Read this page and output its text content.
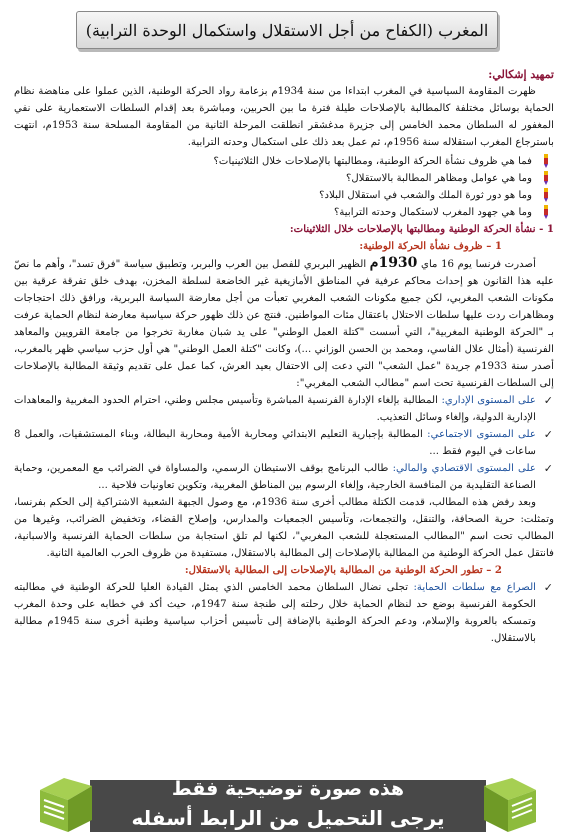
المغرب (الكفاح من أجل الاستقلال واستكمال الوحدة الترابية)

تمهيد إشكالي:

ظهرت المقاومة السياسية في المغرب ابتداءا من سنة 1934م بزعامة رواد الحركة الوطنية، الذين عملوا على مناهضة نظام الحماية بوسائل مختلفة كالمطالبة بالإصلاحات طيلة فترة ما بين الحربين، ومباشرة بعد إقدام السلطات الاستعمارية على نفي المغفور له السلطان محمد الخامس إلى جزيرة مدغشقر انطلقت المرحلة الثانية من المقاومة المسلحة سنة 1953م، انتهت باسترجاع المغرب استقلاله سنة 1956م، ثم عمل بعد ذلك على استكمال وحدته الترابية.

فما هي ظروف نشأة الحركة الوطنية، ومطالبتها بالإصلاحات خلال الثلاثينيات؟

وما هي عوامل ومظاهر المطالبة بالاستقلال؟

وما هو دور ثورة الملك والشعب في استقلال البلاد؟

وما هي جهود المغرب لاستكمال وحدته الترابية؟

1 - نشأة الحركة الوطنية ومطالبتها بالإصلاحات خلال الثلاثينات:

1 – ظروف نشأة الحركة الوطنية:

أصدرت فرنسا يوم 16 ماي 1930م الظهير البربري للفصل بين العرب والبربر، وتطبيق سياسة "فرق تسد"، وأهم ما نصّ عليه هذا القانون هو إحداث محاكم عرفية في المناطق الأمازيغية غير الخاضعة لسلطة المخزن، بهدف خلق تفرقة عرقية بين مكونات الشعب المغربي، لكن جميع مكونات الشعب المغربي تعبأت من أجل معارضة السياسة البربرية، ورافق ذلك احتجاجات ومظاهرات ردت عليها سلطات الاحتلال باعتقال مئات المواطنين. فنتج عن ذلك ظهور حركة سياسية معارضة لنظام الحماية عرفت بـ "الحركة الوطنية المغربية"، التي أسست "كتلة العمل الوطني" على يد شبان مغاربة تخرجوا من جامعة القرويين والمعاهد الفرنسية (أمثال علال الفاسي، ومحمد بن الحسن الوزاني ...)، وكانت "كتلة العمل الوطني" هي أول حزب سياسي ظهر بالمغرب، أصدر سنة 1933م جريدة "عمل الشعب" التي دعت إلى الاحتفال بعيد العرش، كما عمل على تقديم وثيقة المطالبة بالإصلاحات إلى السلطات الفرنسية تحت اسم "مطالب الشعب المغربي":

✓
على المستوى الإداري: المطالبة بإلغاء الإدارة الفرنسية المباشرة وتأسيس مجلس وطني، احترام الحدود المغربية والمعاهدات الإدارية الدولية، وإلغاء وسائل التعذيب.

✓
على المستوى الاجتماعي: المطالبة بإجبارية التعليم الابتدائي ومحاربة الأمية ومحاربة البطالة، وبناء المستشفيات، والعمل 8 ساعات في اليوم فقط ...

✓
على المستوى الاقتصادي والمالي: طالب البرنامج بوقف الاستيطان الرسمي، والمساواة في الضرائب مع المعمرين، وحماية الصناعة التقليدية من المنافسة الخارجية، وإلغاء الرسوم بين المناطق المغربية، وتكوين تعاونيات فلاحية ...

وبعد رفض هذه المطالب، قدمت الكتلة مطالب أخرى سنة 1936م، مع وصول الجبهة الشعبية الاشتراكية إلى الحكم بفرنسا، وتمثلت: حرية الصحافة، والتنقل، والتجمعات، وتأسيس الجمعيات والمدارس، وإصلاح القضاء، وتخفيض الضرائب، وغيرها من المطالب تحت اسم "المطالب المستعجلة للشعب المغربي"، لكنها لم تلق استجابة من سلطات الحماية الفرنسية والاسبانية، فانتقل عمل الحركة الوطنية من المطالبة بالإصلاحات إلى المطالبة بالاستقلال، مستفيدة من ظروف الحرب العالمية الثانية.

2 – تطور الحركة الوطنية من المطالبة بالإصلاحات إلى المطالبة بالاستقلال:

✓
الصراع مع سلطات الحماية: تجلى نضال السلطان محمد الخامس الذي يمثل القيادة العليا للحركة الوطنية في مطالبته الحكومة الفرنسية بوضع حد لنظام الحماية خلال رحلته إلى طنجة سنة 1947م، حيث أكد في خطابه على وحدة المغرب وتمسكه بالعروبة والإسلام، ودعم الحركة الوطنية بالإضافة إلى تأسيس أحزاب سياسية وطنية أخرى سنة 1945م مطالبة بالاستقلال.

هذه صورة توضيحية فقط
يرجى التحميل من الرابط أسفله
